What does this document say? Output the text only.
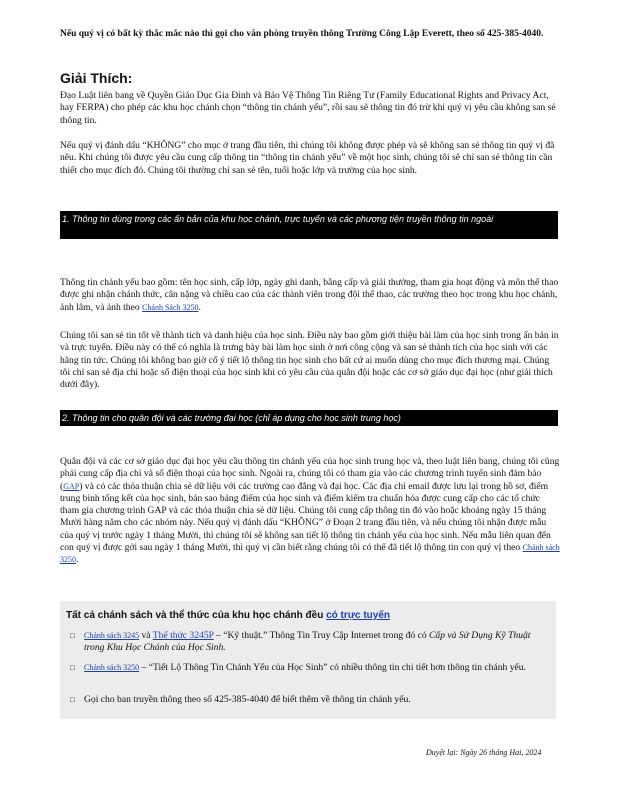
Nếu quý vị có bất kỳ thắc mắc nào thì gọi cho văn phòng truyền thông Trường Công Lập Everett, theo số 425-385-4040.
Giải Thích:
Đạo Luật liên bang về Quyền Giáo Dục Gia Đình và Bảo Vệ Thông Tin Riêng Tư (Family Educational Rights and Privacy Act, hay FERPA) cho phép các khu học chánh chọn “thông tin chánh yếu”, rồi sau sẽ thông tin đó trừ khi quý vị yêu cầu không san sẻ thông tin.
Nếu quý vị đánh dấu “KHÔNG” cho mục ở trang đầu tiên, thì chúng tôi không được phép và sẽ không san sẻ thông tin quý vị đã nêu. Khi chúng tôi được yêu cầu cung cấp thông tin “thông tin chánh yếu” về một học sinh, chúng tôi sẽ chỉ san sẻ thông tin cần thiết cho mục đích đó. Chúng tôi thường chỉ san sẻ tên, tuổi hoặc lớp và trường của học sinh.
1. Thông tin dùng trong các ấn bản của khu học chánh, trực tuyến và các phương tiện truyền thông tin ngoài
Thông tin chánh yếu bao gồm: tên học sinh, cấp lớp, ngày ghi danh, bằng cấp và giải thưởng, tham gia hoạt động và môn thể thao được ghi nhận chánh thức, cân nặng và chiều cao của các thành viên trong đội thể thao, các trường theo học trong khu học chánh, ảnh lâm, và ảnh theo Chánh Sách 3250.
Chúng tôi san sẻ tin tốt về thành tích và danh hiệu của học sinh. Điều này bao gồm giới thiệu bài làm của học sinh trong ấn bản in và trực tuyến. Điều này có thể có nghĩa là trưng bày bài làm học sinh ở nơi công cộng và san sẻ thành tích của học sinh với các hãng tin tức. Chúng tôi không bao giờ cố ý tiết lộ thông tin học sinh cho bất cứ ai muốn dùng cho mục đích thương mại. Chúng tôi chỉ san sẻ địa chỉ hoặc số điện thoại của học sinh khi có yêu cầu của quân đội hoặc các cơ sở giáo dục đại học (như giải thích dưới đây).
2. Thông tin cho quân đội và các trường đại học (chỉ áp dụng cho học sinh trung học)
Quân đội và các cơ sở giáo dục đại học yêu cầu thông tin chánh yếu của học sinh trung học và, theo luật liên bang, chúng tôi cũng phải cung cấp địa chỉ và số điện thoại của học sinh. Ngoài ra, chúng tôi có tham gia vào các chương trình tuyển sinh đảm bảo (GAP) và có các thỏa thuận chia sẻ dữ liệu với các trường cao đẳng và đại học. Các địa chỉ email được lưu lại trong hồ sơ, điểm trung bình tổng kết của học sinh, bản sao bảng điểm của học sinh và điểm kiểm tra chuẩn hóa được cung cấp cho các tổ chức tham gia chương trình GAP và các thỏa thuận chia sẻ dữ liệu. Chúng tôi cung cấp thông tin đó vào hoặc khoảng ngày 15 tháng Mười hàng năm cho các nhóm này. Nếu quý vị đánh dấu “KHÔNG” ở Đoạn 2 trang đầu tiên, và nếu chúng tôi nhận được mẫu của quý vị trước ngày 1 tháng Mười, thì chúng tôi sẽ không san tiết lộ thông tin chánh yếu của học sinh. Nếu mẫu liên quan đến con quý vị được gởi sau ngày 1 tháng Mười, thì quý vị cần biết rằng chúng tôi có thể đã tiết lộ thông tin con quý vị theo Chánh sách 3250.
Tất cả chánh sách và thể thức của khu học chánh đều có trực tuyến
□ Chánh sách 3245 và Thể thức 3245P – “Kỹ thuật.” Thông Tin Truy Cập Internet trong đó có Cấp và Sử Dụng Kỹ Thuật trong Khu Học Chánh của Học Sinh.
□ Chánh sách 3250 – “Tiết Lộ Thông Tin Chánh Yếu của Học Sinh” có nhiều thông tin chi tiết hơn thông tin chánh yếu.
□ Gọi cho ban truyền thông theo số 425-385-4040 để biết thêm về thông tin chánh yếu.
Duyệt lại: Ngày 26 tháng Hai, 2024
